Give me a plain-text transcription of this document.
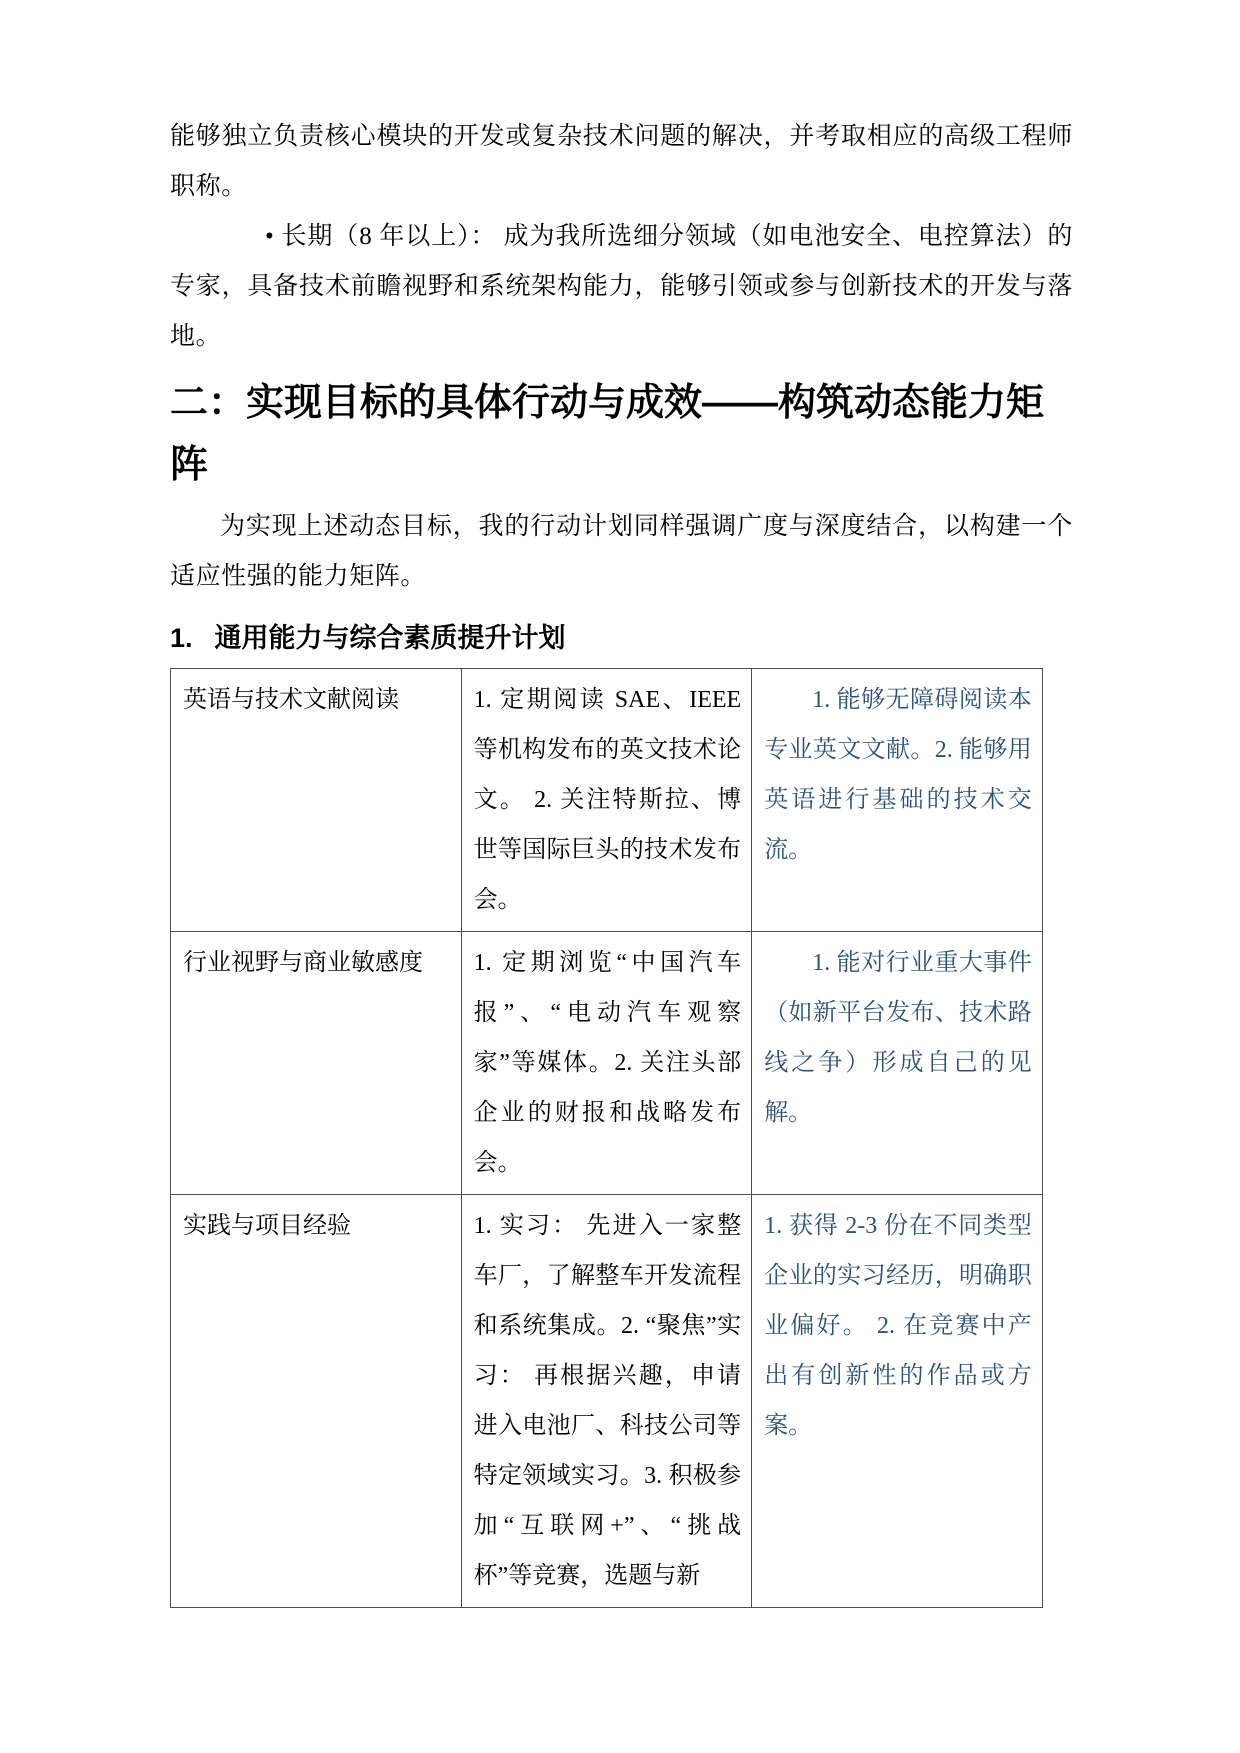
能够独立负责核心模块的开发或复杂技术问题的解决，并考取相应的高级工程师职称。

• 长期（8 年以上）： 成为我所选细分领域（如电池安全、电控算法）的专家，具备技术前瞻视野和系统架构能力，能够引领或参与创新技术的开发与落地。

二：实现目标的具体行动与成效——构筑动态能力矩阵

为实现上述动态目标，我的行动计划同样强调广度与深度结合，以构建一个适应性强的能力矩阵。

1. 通用能力与综合素质提升计划
英语与技术文献阅读	1. 定期阅读 SAE、IEEE 等机构发布的英文技术论文。 2. 关注特斯拉、博世等国际巨头的技术发布会。	1. 能够无障碍阅读本专业英文文献。2. 能够用英语进行基础的技术交流。
行业视野与商业敏感度	1. 定期浏览“中国汽车报”、“电动汽车观察家”等媒体。2. 关注头部企业的财报和战略发布会。	1. 能对行业重大事件（如新平台发布、技术路线之争）形成自己的见解。
实践与项目经验	1. 实习： 先进入一家整车厂，了解整车开发流程和系统集成。2. “聚焦”实习： 再根据兴趣，申请进入电池厂、科技公司等特定领域实习。3. 积极参加“互联网+”、“挑战杯”等竞赛，选题与新	1. 获得 2-3 份在不同类型企业的实习经历，明确职业偏好。 2. 在竞赛中产出有创新性的作品或方案。
